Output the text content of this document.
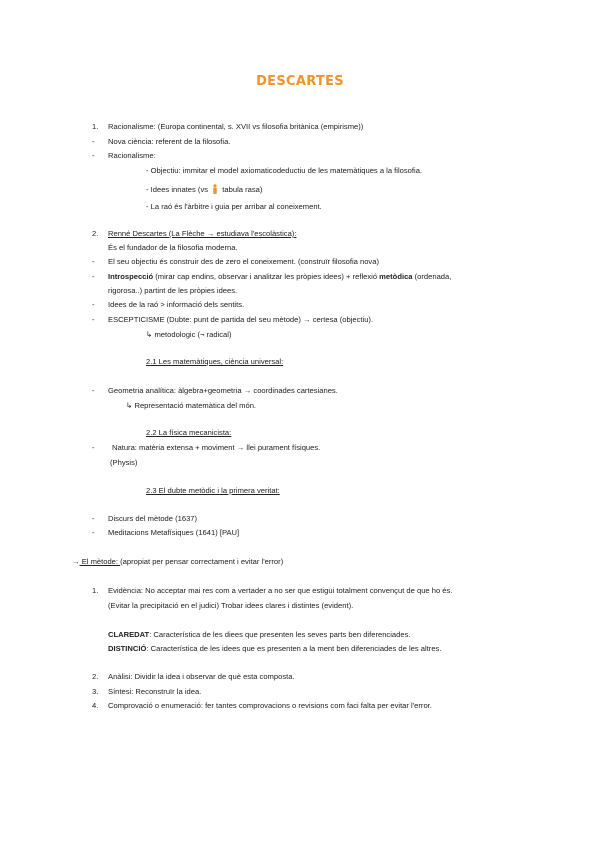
DESCARTES
1. Racionalisme: (Europa continental, s. XVII vs filosofia britànica (empirisme))
- Nova ciència: referent de la filosofia.
- Racionalisme:
- Objectiu: immitar el model axiomaticodeductiu de les matemàtiques a la filosofia.
- Idees innates (vs tabula rasa)
- La raó és l'àrbitre i guia per arribar al coneixement.
2. Renné Descartes (La Flèche → estudiava l'escolàstica):
És el fundador de la filosofia moderna.
- El seu objectiu és construir des de zero el coneixement. (construïr filosofia nova)
- Introspecció (mirar cap endins, observar i analitzar les pròpies idees) + reflexió metòdica (ordenada,
rigorosa..) partint de les pròpies idees.
- Idees de la raó > informació dels sentits.
- ESCEPTICISME (Dubte: punt de partida del seu mètode) → certesa (objectiu).
↳ metodologic (¬ radical)
2.1 Les matemàtiques, ciència universal:
- Geometria analítica: àlgebra+geometria → coordinades cartesianes.
↳ Representació matemàtica del món.
2.2 La física mecanicista:
- Natura: matèria extensa + moviment → llei purament físiques.
(Physis)
2.3 El dubte metòdic i la primera veritat:
- Discurs del mètode (1637)
- Meditacions Metafísiques (1641) [PAU]
→ El mètode: (apropiat per pensar correctament i evitar l'error)
1. Evidència: No acceptar mai res com a vertader a no ser que estigui totalment convençut de que ho és.
(Evitar la precipitació en el judici) Trobar idees clares i distintes (evident).
CLAREDAT: Característica de les diees que presenten les seves parts ben diferenciades.
DISTINCIÓ: Característica de les idees que es presenten a la ment ben diferenciades de les altres.
2. Anàlisi: Dividir la idea i observar de què esta composta.
3. Síntesi: Reconstruïr la idea.
4. Comprovació o enumeració: fer tantes comprovacions o revisions com faci falta per evitar l'error.
